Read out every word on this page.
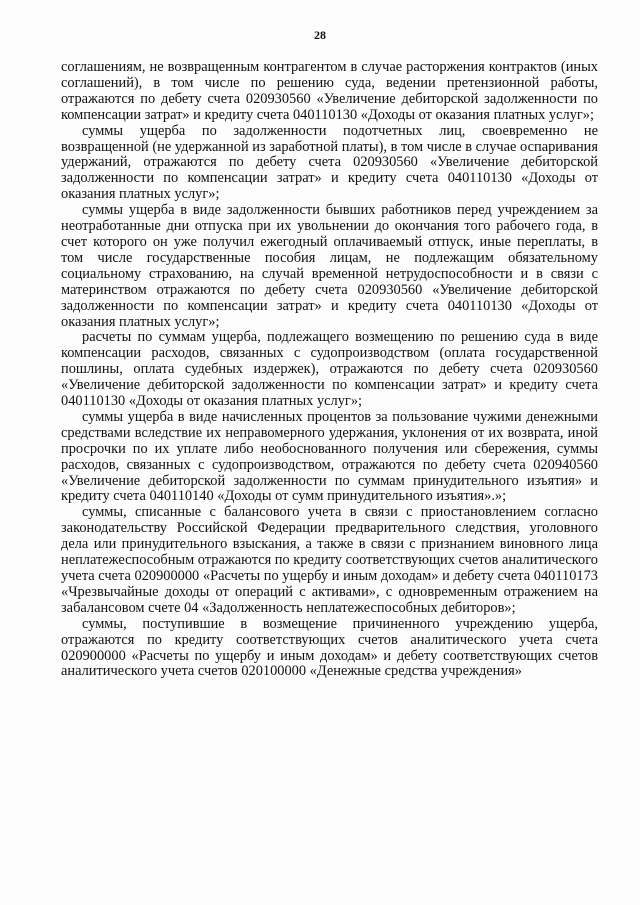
28

соглашениям, не возвращенным контрагентом в случае расторжения контрактов (иных соглашений), в том числе по решению суда, ведении претензионной работы, отражаются по дебету счета 020930560 «Увеличение дебиторской задолженности по компенсации затрат» и кредиту счета 040110130 «Доходы от оказания платных услуг»;

суммы ущерба по задолженности подотчетных лиц, своевременно не возвращенной (не удержанной из заработной платы), в том числе в случае оспаривания удержаний, отражаются по дебету счета 020930560 «Увеличение дебиторской задолженности по компенсации затрат» и кредиту счета 040110130 «Доходы от оказания платных услуг»;

суммы ущерба в виде задолженности бывших работников перед учреждением за неотработанные дни отпуска при их увольнении до окончания того рабочего года, в счет которого он уже получил ежегодный оплачиваемый отпуск, иные переплаты, в том числе государственные пособия лицам, не подлежащим обязательному социальному страхованию, на случай временной нетрудоспособности и в связи с материнством отражаются по дебету счета 020930560 «Увеличение дебиторской задолженности по компенсации затрат» и кредиту счета 040110130 «Доходы от оказания платных услуг»;

расчеты по суммам ущерба, подлежащего возмещению по решению суда в виде компенсации расходов, связанных с судопроизводством (оплата государственной пошлины, оплата судебных издержек), отражаются по дебету счета 020930560 «Увеличение дебиторской задолженности по компенсации затрат» и кредиту счета 040110130 «Доходы от оказания платных услуг»;

суммы ущерба в виде начисленных процентов за пользование чужими денежными средствами вследствие их неправомерного удержания, уклонения от их возврата, иной просрочки по их уплате либо необоснованного получения или сбережения, суммы расходов, связанных с судопроизводством, отражаются по дебету счета 020940560 «Увеличение дебиторской задолженности по суммам принудительного изъятия» и кредиту счета 040110140 «Доходы от сумм принудительного изъятия».»;

суммы, списанные с балансового учета в связи с приостановлением согласно законодательству Российской Федерации предварительного следствия, уголовного дела или принудительного взыскания, а также в связи с признанием виновного лица неплатежеспособным отражаются по кредиту соответствующих счетов аналитического учета счета 020900000 «Расчеты по ущербу и иным доходам» и дебету счета 040110173 «Чрезвычайные доходы от операций с активами», с одновременным отражением на забалансовом счете 04 «Задолженность неплатежеспособных дебиторов»;

суммы, поступившие в возмещение причиненного учреждению ущерба, отражаются по кредиту соответствующих счетов аналитического учета счета 020900000 «Расчеты по ущербу и иным доходам» и дебету соответствующих счетов аналитического учета счетов 020100000 «Денежные средства учреждения»
